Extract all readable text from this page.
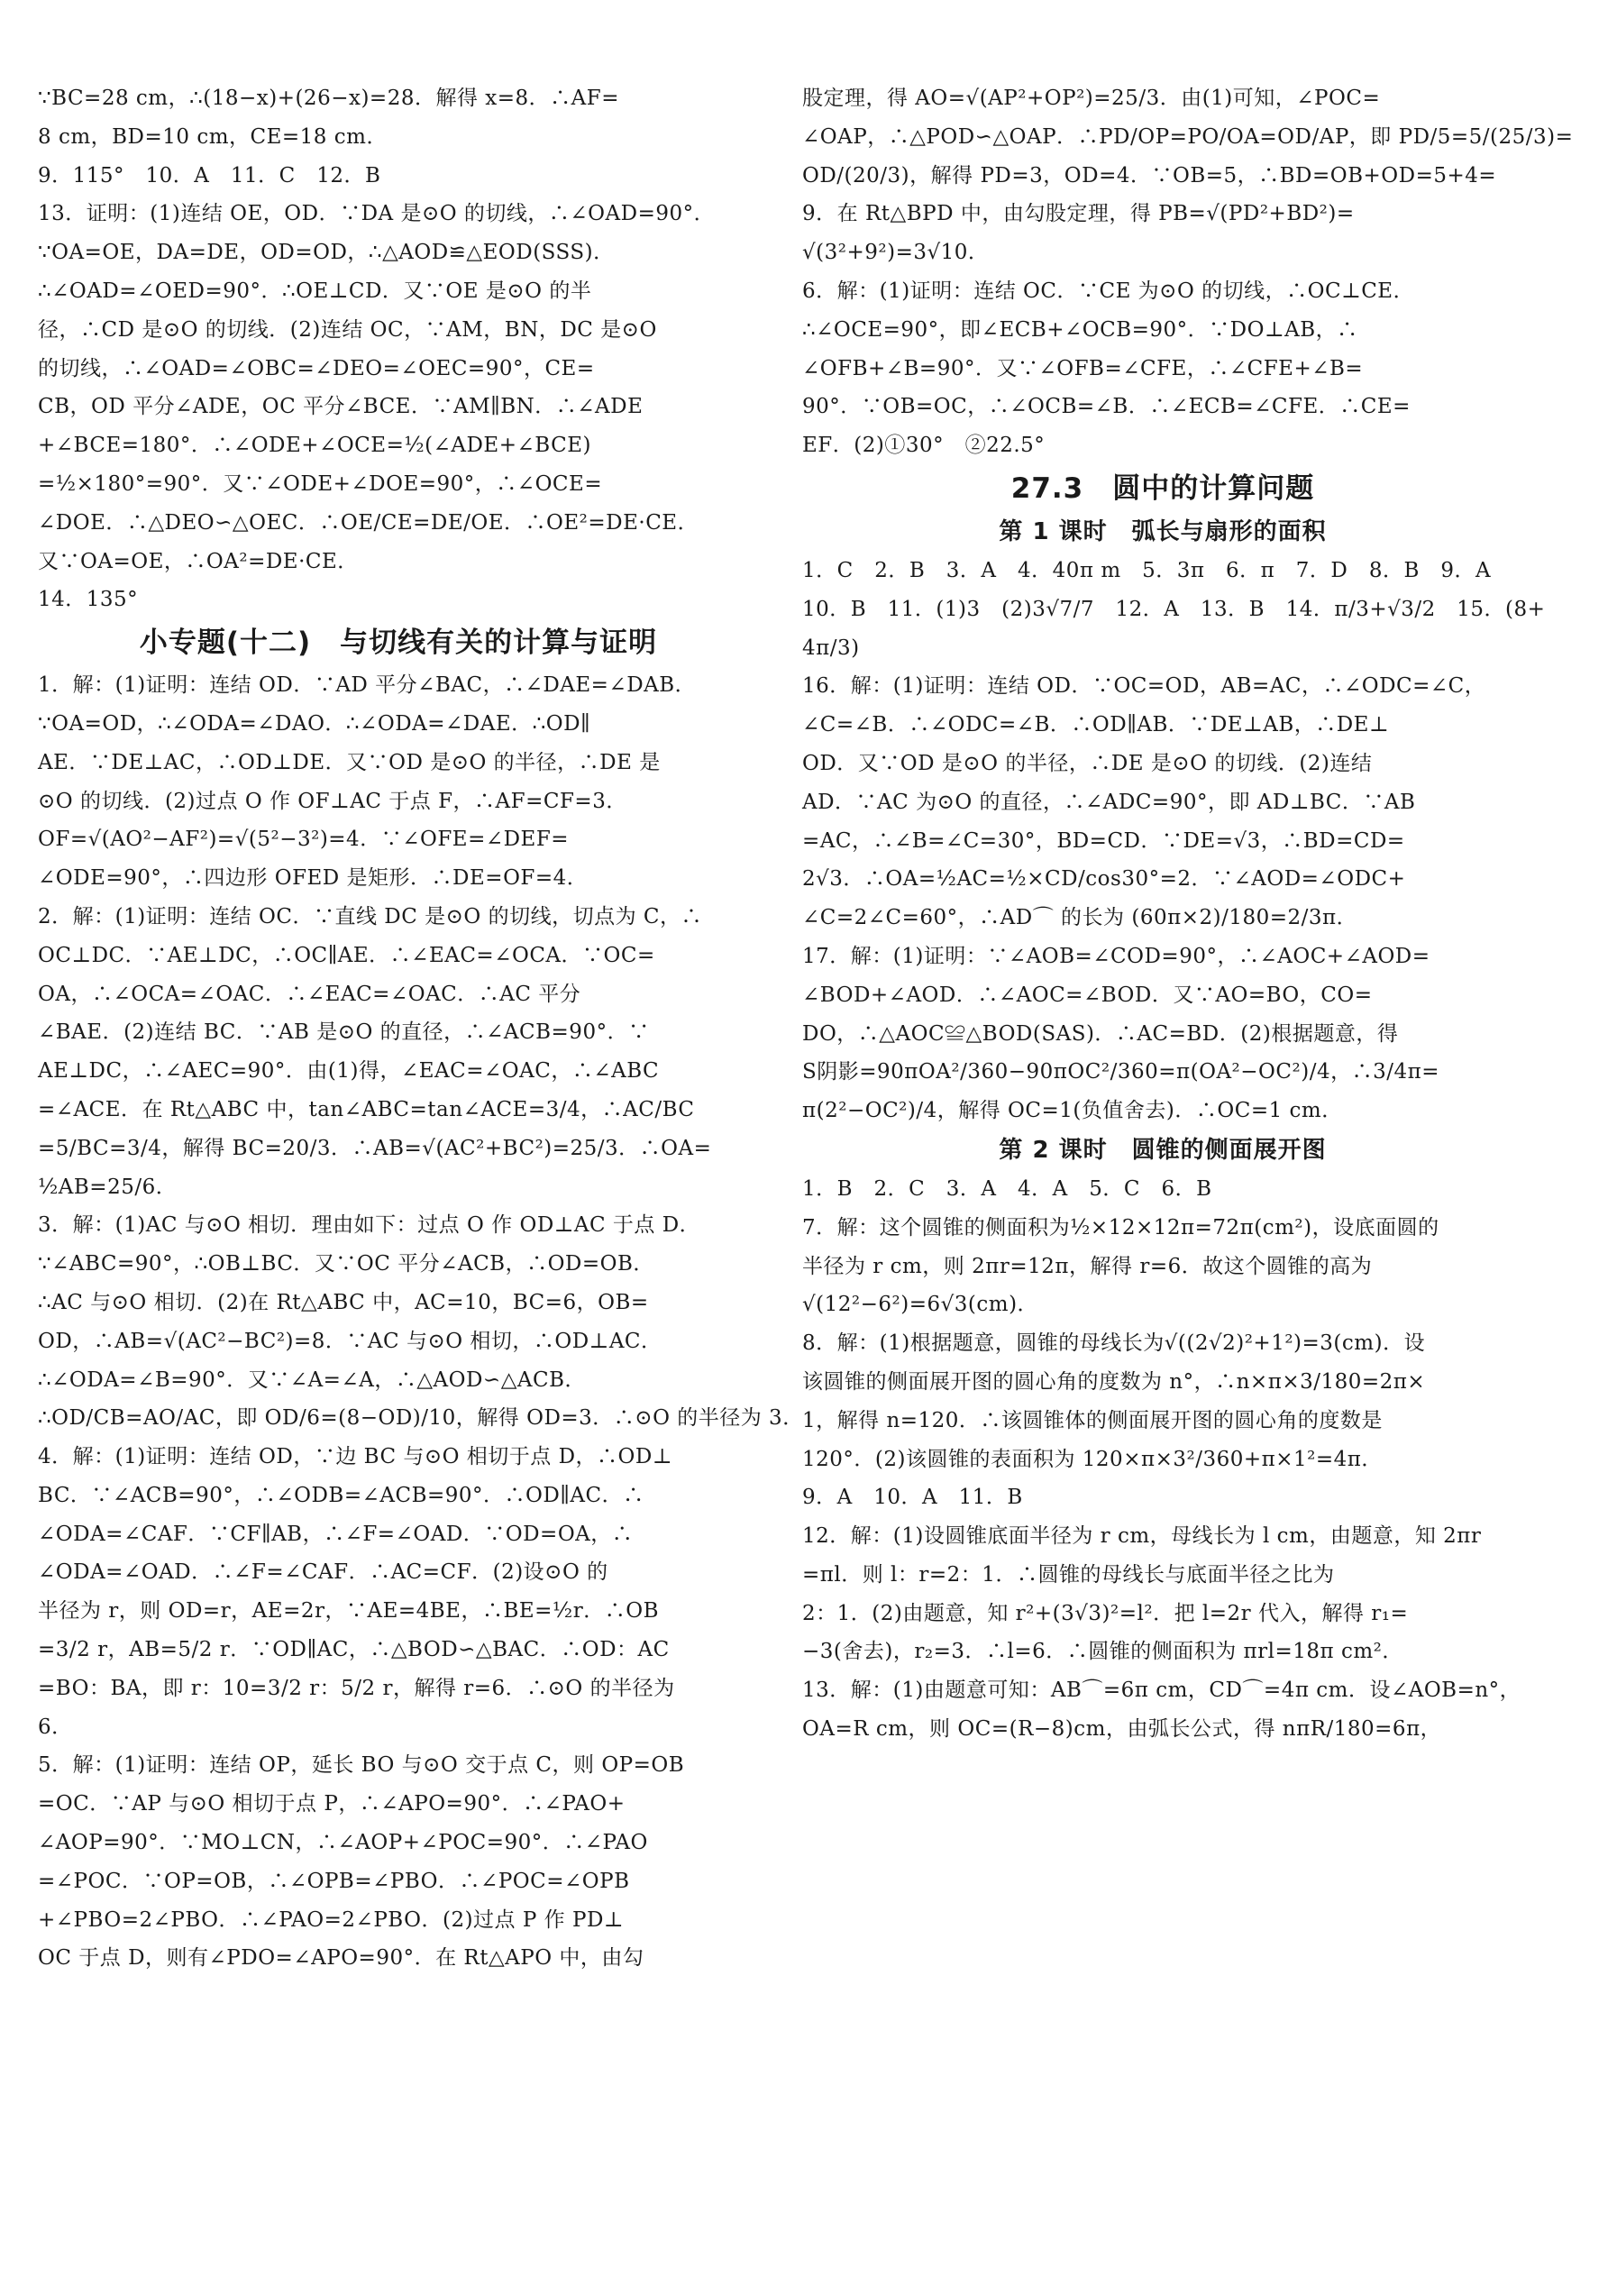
∵BC=28 cm，∴(18−x)+(26−x)=28．解得 x=8．∴AF=
8 cm，BD=10 cm，CE=18 cm．
9．115°　10．A　11．C　12．B
13．证明：(1)连结 OE，OD．∵DA 是⊙O 的切线，∴∠OAD=90°．
∵OA=OE，DA=DE，OD=OD，∴△AOD≌△EOD(SSS)．
∴∠OAD=∠OED=90°．∴OE⊥CD．又∵OE 是⊙O 的半
径，∴CD 是⊙O 的切线．(2)连结 OC，∵AM，BN，DC 是⊙O
的切线，∴∠OAD=∠OBC=∠DEO=∠OEC=90°，CE=
CB，OD 平分∠ADE，OC 平分∠BCE．∵AM∥BN．∴∠ADE
+∠BCE=180°．∴∠ODE+∠OCE=½(∠ADE+∠BCE)
=½×180°=90°．又∵∠ODE+∠DOE=90°，∴∠OCE=
∠DOE．∴△DEO∽△OEC．∴OE/CE=DE/OE．∴OE²=DE·CE．
又∵OA=OE，∴OA²=DE·CE．
14．135°
小专题(十二)　与切线有关的计算与证明
1．解：(1)证明：连结 OD．∵AD 平分∠BAC，∴∠DAE=∠DAB．
∵OA=OD，∴∠ODA=∠DAO．∴∠ODA=∠DAE．∴OD∥
AE．∵DE⊥AC，∴OD⊥DE．又∵OD 是⊙O 的半径，∴DE 是
⊙O 的切线．(2)过点 O 作 OF⊥AC 于点 F，∴AF=CF=3．
OF=√(AO²−AF²)=√(5²−3²)=4．∵∠OFE=∠DEF=
∠ODE=90°，∴四边形 OFED 是矩形．∴DE=OF=4．
2．解：(1)证明：连结 OC．∵直线 DC 是⊙O 的切线，切点为 C，∴
OC⊥DC．∵AE⊥DC，∴OC∥AE．∴∠EAC=∠OCA．∵OC=
OA，∴∠OCA=∠OAC．∴∠EAC=∠OAC．∴AC 平分
∠BAE．(2)连结 BC．∵AB 是⊙O 的直径，∴∠ACB=90°．∵
AE⊥DC，∴∠AEC=90°．由(1)得，∠EAC=∠OAC，∴∠ABC
=∠ACE．在 Rt△ABC 中，tan∠ABC=tan∠ACE=3/4，∴AC/BC
=5/BC=3/4，解得 BC=20/3．∴AB=√(AC²+BC²)=25/3．∴OA=
½AB=25/6．
3．解：(1)AC 与⊙O 相切．理由如下：过点 O 作 OD⊥AC 于点 D．
∵∠ABC=90°，∴OB⊥BC．又∵OC 平分∠ACB，∴OD=OB．
∴AC 与⊙O 相切．(2)在 Rt△ABC 中，AC=10，BC=6，OB=
OD，∴AB=√(AC²−BC²)=8．∵AC 与⊙O 相切，∴OD⊥AC．
∴∠ODA=∠B=90°．又∵∠A=∠A，∴△AOD∽△ACB．
∴OD/CB=AO/AC，即 OD/6=(8−OD)/10，解得 OD=3．∴⊙O 的半径为 3．
4．解：(1)证明：连结 OD，∵边 BC 与⊙O 相切于点 D，∴OD⊥
BC．∵∠ACB=90°，∴∠ODB=∠ACB=90°．∴OD∥AC．∴
∠ODA=∠CAF．∵CF∥AB，∴∠F=∠OAD．∵OD=OA，∴
∠ODA=∠OAD．∴∠F=∠CAF．∴AC=CF．(2)设⊙O 的
半径为 r，则 OD=r，AE=2r，∵AE=4BE，∴BE=½r．∴OB
=3/2 r，AB=5/2 r．∵OD∥AC，∴△BOD∽△BAC．∴OD：AC
=BO：BA，即 r：10=3/2 r：5/2 r，解得 r=6．∴⊙O 的半径为
6．
5．解：(1)证明：连结 OP，延长 BO 与⊙O 交于点 C，则 OP=OB
=OC．∵AP 与⊙O 相切于点 P，∴∠APO=90°．∴∠PAO+
∠AOP=90°．∵MO⊥CN，∴∠AOP+∠POC=90°．∴∠PAO
=∠POC．∵OP=OB，∴∠OPB=∠PBO．∴∠POC=∠OPB
+∠PBO=2∠PBO．∴∠PAO=2∠PBO．(2)过点 P 作 PD⊥
OC 于点 D，则有∠PDO=∠APO=90°．在 Rt△APO 中，由勾
股定理，得 AO=√(AP²+OP²)=25/3．由(1)可知，∠POC=
∠OAP，∴△POD∽△OAP．∴PD/OP=PO/OA=OD/AP，即 PD/5=5/(25/3)=
OD/(20/3)，解得 PD=3，OD=4．∵OB=5，∴BD=OB+OD=5+4=
9．在 Rt△BPD 中，由勾股定理，得 PB=√(PD²+BD²)=
√(3²+9²)=3√10．
6．解：(1)证明：连结 OC．∵CE 为⊙O 的切线，∴OC⊥CE．
∴∠OCE=90°，即∠ECB+∠OCB=90°．∵DO⊥AB，∴
∠OFB+∠B=90°．又∵∠OFB=∠CFE，∴∠CFE+∠B=
90°．∵OB=OC，∴∠OCB=∠B．∴∠ECB=∠CFE．∴CE=
EF．(2)①30°　②22.5°
27.3　圆中的计算问题
第 1 课时　弧长与扇形的面积
1．C　2．B　3．A　4．40π m　5．3π　6．π　7．D　8．B　9．A
10．B　11．(1)3　(2)3√7/7　12．A　13．B　14．π/3+√3/2　15．(8+
4π/3)
16．解：(1)证明：连结 OD．∵OC=OD，AB=AC，∴∠ODC=∠C，
∠C=∠B．∴∠ODC=∠B．∴OD∥AB．∵DE⊥AB，∴DE⊥
OD．又∵OD 是⊙O 的半径，∴DE 是⊙O 的切线．(2)连结
AD．∵AC 为⊙O 的直径，∴∠ADC=90°，即 AD⊥BC．∵AB
=AC，∴∠B=∠C=30°，BD=CD．∵DE=√3，∴BD=CD=
2√3．∴OA=½AC=½×CD/cos30°=2．∵∠AOD=∠ODC+
∠C=2∠C=60°，∴AD⌒ 的长为 (60π×2)/180=2/3π．
17．解：(1)证明：∵∠AOB=∠COD=90°，∴∠AOC+∠AOD=
∠BOD+∠AOD．∴∠AOC=∠BOD．又∵AO=BO，CO=
DO，∴△AOC≌△BOD(SAS)．∴AC=BD．(2)根据题意，得
S阴影=90πOA²/360−90πOC²/360=π(OA²−OC²)/4，∴3/4π=
π(2²−OC²)/4，解得 OC=1(负值舍去)．∴OC=1 cm．
第 2 课时　圆锥的侧面展开图
1．B　2．C　3．A　4．A　5．C　6．B
7．解：这个圆锥的侧面积为½×12×12π=72π(cm²)，设底面圆的
半径为 r cm，则 2πr=12π，解得 r=6．故这个圆锥的高为
√(12²−6²)=6√3(cm)．
8．解：(1)根据题意，圆锥的母线长为√((2√2)²+1²)=3(cm)．设
该圆锥的侧面展开图的圆心角的度数为 n°，∴n×π×3/180=2π×
1，解得 n=120．∴该圆锥体的侧面展开图的圆心角的度数是
120°．(2)该圆锥的表面积为 120×π×3²/360+π×1²=4π．
9．A　10．A　11．B
12．解：(1)设圆锥底面半径为 r cm，母线长为 l cm，由题意，知 2πr
=πl．则 l：r=2：1．∴圆锥的母线长与底面半径之比为
2：1．(2)由题意，知 r²+(3√3)²=l²．把 l=2r 代入，解得 r₁=
−3(舍去)，r₂=3．∴l=6．∴圆锥的侧面积为 πrl=18π cm²．
13．解：(1)由题意可知：AB⌒=6π cm，CD⌒=4π cm．设∠AOB=n°，
OA=R cm，则 OC=(R−8)cm，由弧长公式，得 nπR/180=6π，
